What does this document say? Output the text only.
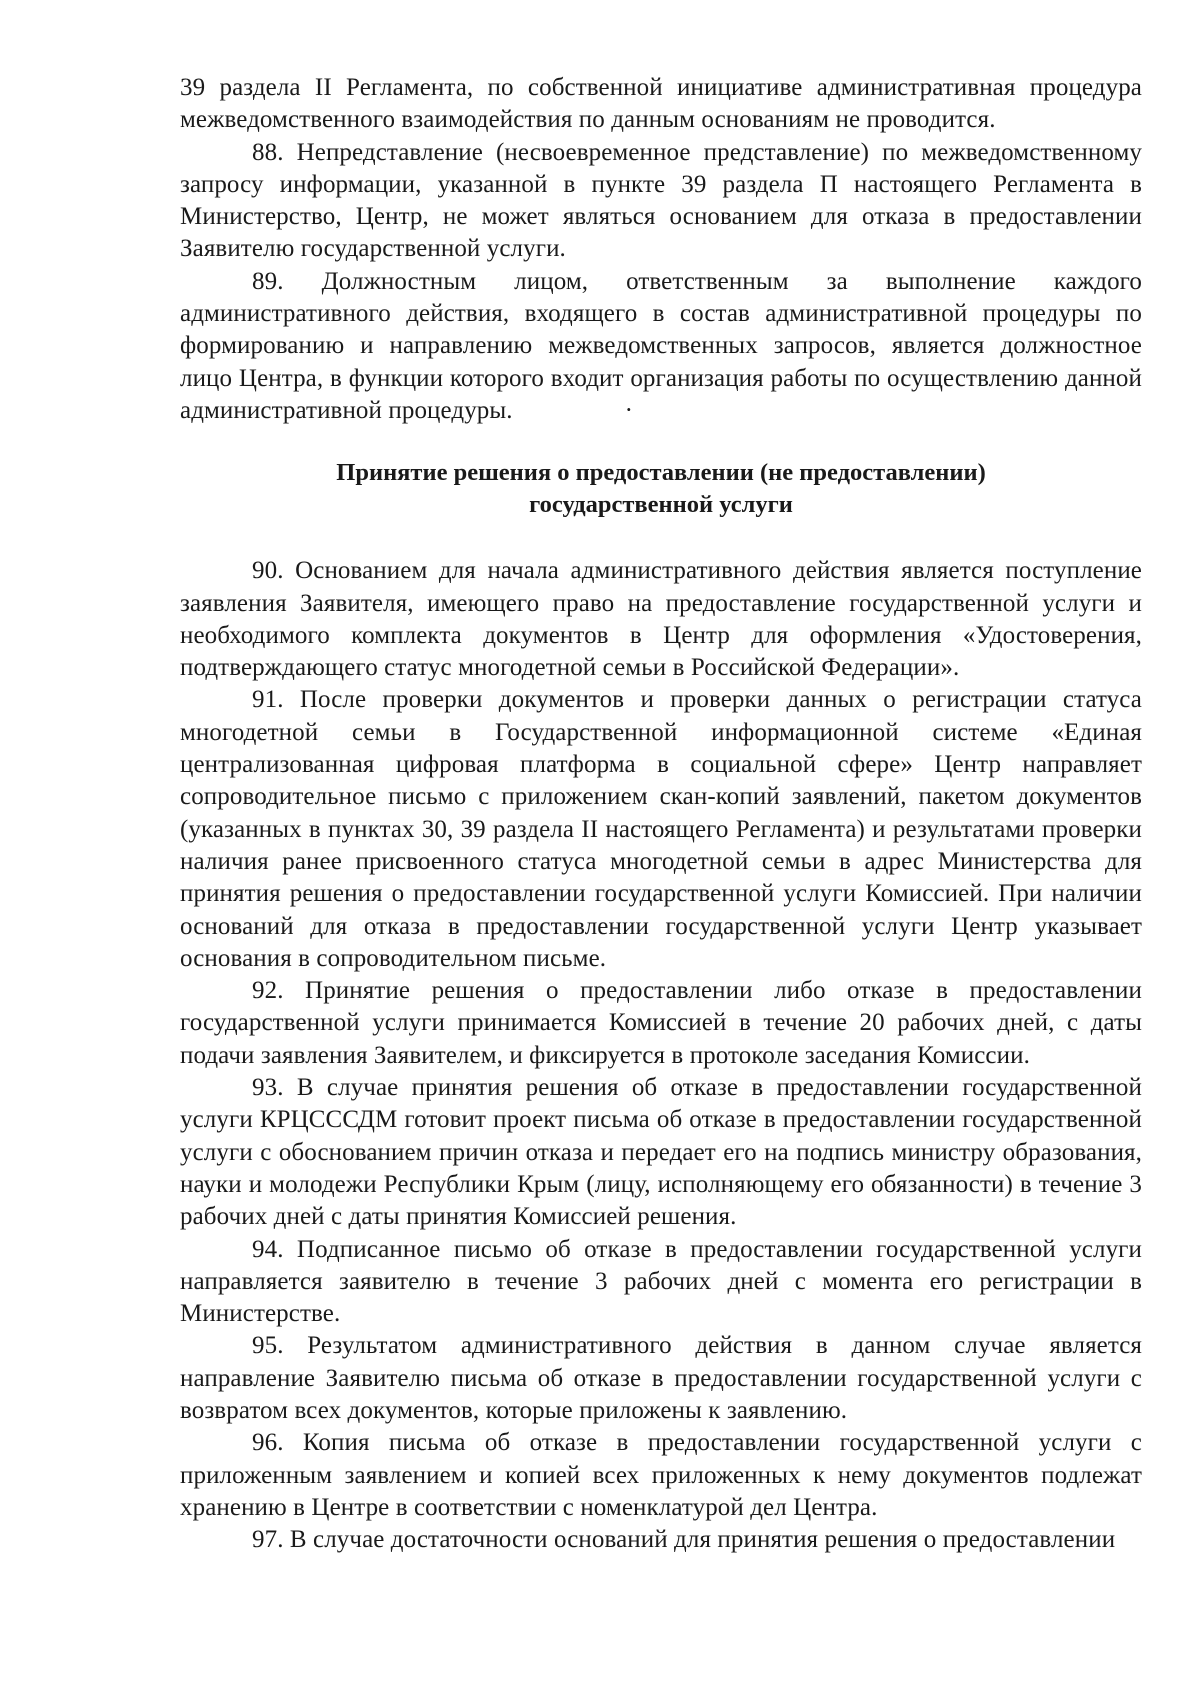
39 раздела II Регламента, по собственной инициативе административная процедура межведомственного взаимодействия по данным основаниям не проводится.

88. Непредставление (несвоевременное представление) по межведомственному запросу информации, указанной в пункте 39 раздела П настоящего Регламента в Министерство, Центр, не может являться основанием для отказа в предоставлении Заявителю государственной услуги.

89. Должностным лицом, ответственным за выполнение каждого административного действия, входящего в состав административной процедуры по формированию и направлению межведомственных запросов, является должностное лицо Центра, в функции которого входит организация работы по осуществлению данной административной процедуры.	·

Принятие решения о предоставлении (не предоставлении)

государственной услуги

90. Основанием для начала административного действия является поступление заявления Заявителя, имеющего право на предоставление государственной услуги и необходимого комплекта документов в Центр для оформления «Удостоверения, подтверждающего статус многодетной семьи в Российской Федерации».

91. После проверки документов и проверки данных о регистрации статуса многодетной семьи в Государственной информационной системе «Единая централизованная цифровая платформа в социальной сфере» Центр направляет сопроводительное письмо с приложением скан-копий заявлений, пакетом документов (указанных в пунктах 30, 39 раздела II настоящего Регламента) и результатами проверки наличия ранее присвоенного статуса многодетной семьи в адрес Министерства для принятия решения о предоставлении государственной услуги Комиссией. При наличии оснований для отказа в предоставлении государственной услуги Центр указывает основания в сопроводительном письме.

92. Принятие решения о предоставлении либо отказе в предоставлении государственной услуги принимается Комиссией в течение 20 рабочих дней, с даты подачи заявления Заявителем, и фиксируется в протоколе заседания Комиссии.

93. В случае принятия решения об отказе в предоставлении государственной услуги КРЦСССДМ готовит проект письма об отказе в предоставлении государственной услуги с обоснованием причин отказа и передает его на подпись министру образования, науки и молодежи Республики Крым (лицу, исполняющему его обязанности) в течение 3 рабочих дней с даты принятия Комиссией решения.

94. Подписанное письмо об отказе в предоставлении государственной услуги направляется заявителю в течение 3 рабочих дней с момента его регистрации в Министерстве.

95. Результатом административного действия в данном случае является направление Заявителю письма об отказе в предоставлении государственной услуги с возвратом всех документов, которые приложены к заявлению.

96. Копия письма об отказе в предоставлении государственной услуги с приложенным заявлением и копией всех приложенных к нему документов подлежат хранению в Центре в соответствии с номенклатурой дел Центра.

97. В случае достаточности оснований для принятия решения о предоставлении
